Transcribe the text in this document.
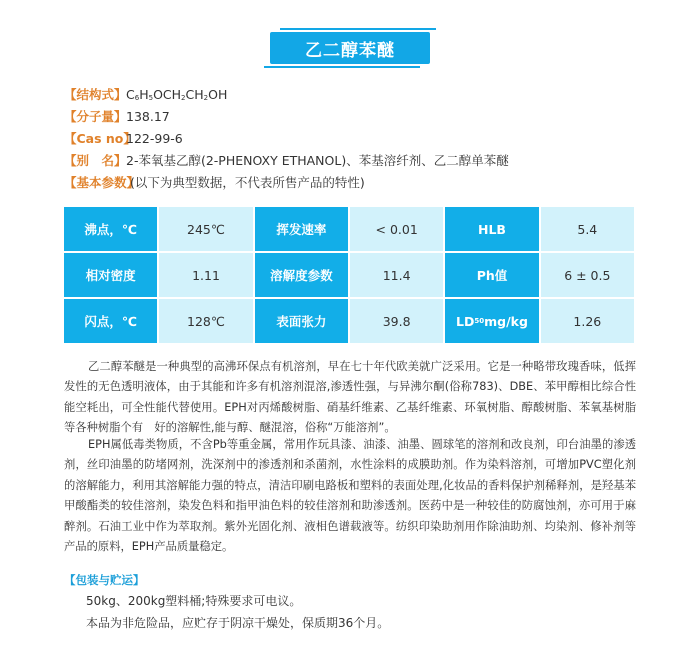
乙二醇苯醚
【结构式】$C_6H_5OCH_2CH_2OH$
【分子量】138.17
【Cas no】122-99-6
【别　名】2-苯氧基乙醇(2-PHENOXY ETHANOL)、苯基溶纤剂、乙二醇单苯醚
【基本参数】(以下为典型数据，不代表所售产品的特性)
沸点，℃	245℃	挥发速率	< 0.01	HLB	5.4
相对密度	1.11	溶解度参数	11.4	Ph值	6 ± 0.5
闪点，℃	128℃	表面张力	39.8	LD 50 mg/kg	1.26

乙二醇苯醚是一种典型的高沸环保点有机溶剂，早在七十年代欧美就广泛采用。它是一种略带玫瑰香味，低挥发性的无色透明液体，由于其能和许多有机溶剂混溶,渗透性强，与异沸尔酮(俗称783)、DBE、苯甲醇相比综合性能空耗出，可全性能代替使用。EPH对丙烯酸树脂、硝基纤维素、乙基纤维素、环氧树脂、醇酸树脂、苯氧基树脂等各种树脂个有　好的溶解性,能与醇、醚混溶，俗称“万能溶剂”。

EPH属低毒类物质，不含Pb等重金属，常用作玩具漆、油漆、油墨、圆球笔的溶剂和改良剂，印台油墨的渗透剂，丝印油墨的防堵网剂，洗深剂中的渗透剂和杀菌剂，水性涂料的成膜助剂。作为染料溶剂，可增加PVC塑化剂的溶解能力，利用其溶解能力强的特点，清洁印刷电路板和塑料的表面处理,化妆品的香料保护剂稀释剂，是羟基苯甲酸酯类的较佳溶剂，染发色料和指甲油色料的较佳溶剂和助渗透剂。医药中是一种较佳的防腐蚀剂，亦可用于麻醉剂。石油工业中作为萃取剂。紫外光固化剂、液相色谱载液等。纺织印染助剂用作除油助剂、均染剂、修补剂等产品的原料，EPH产品质量稳定。

【包装与贮运】
50kg、200kg塑料桶;特殊要求可电议。
本品为非危险品，应贮存于阴凉干燥处，保质期36个月。
